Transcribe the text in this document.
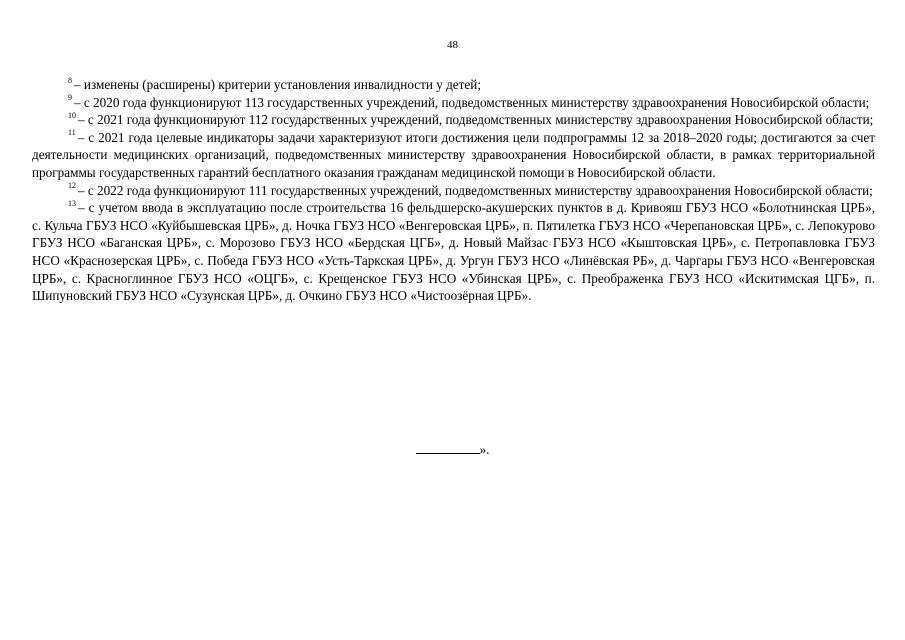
48

$^8$ – изменены (расширены) критерии установления инвалидности у детей;

$^9$ – с 2020 года функционируют 113 государственных учреждений, подведомственных министерству здравоохранения Новосибирской области;

$^{10}$ – с 2021 года функционируют 112 государственных учреждений, подведомственных министерству здравоохранения Новосибирской области;

$^{11}$ – с 2021 года целевые индикаторы задачи характеризуют итоги достижения цели подпрограммы 12 за 2018–2020 годы; достигаются за счет деятельности медицинских организаций, подведомственных министерству здравоохранения Новосибирской области, в рамках территориальной программы государственных гарантий бесплатного оказания гражданам медицинской помощи в Новосибирской области.

$^{12}$ – с 2022 года функционируют 111 государственных учреждений, подведомственных министерству здравоохранения Новосибирской области;

$^{13}$ – с учетом ввода в эксплуатацию после строительства 16 фельдшерско-акушерских пунктов в д. Кривояш ГБУЗ НСО «Болотнинская ЦРБ», с. Кульча ГБУЗ НСО «Куйбышевская ЦРБ», д. Ночка ГБУЗ НСО «Венгеровская ЦРБ», п. Пятилетка ГБУЗ НСО «Черепановская ЦРБ», с. Лепокурово ГБУЗ НСО «Баганская ЦРБ», с. Морозово ГБУЗ НСО «Бердская ЦГБ», д. Новый Майзас ГБУЗ НСО «Кыштовская ЦРБ», с. Петропавловка ГБУЗ НСО «Краснозерская ЦРБ», с. Победа ГБУЗ НСО «Усть-Таркская ЦРБ», д. Ургун ГБУЗ НСО «Линёвская РБ», д. Чаргары ГБУЗ НСО «Венгеровская ЦРБ», с. Красноглинное ГБУЗ НСО «ОЦГБ», с. Крещенское ГБУЗ НСО «Убинская ЦРБ», с. Преображенка ГБУЗ НСО «Искитимская ЦГБ», п. Шипуновский ГБУЗ НСО «Сузунская ЦРБ», д. Очкино ГБУЗ НСО «Чистоозёрная ЦРБ».

».
